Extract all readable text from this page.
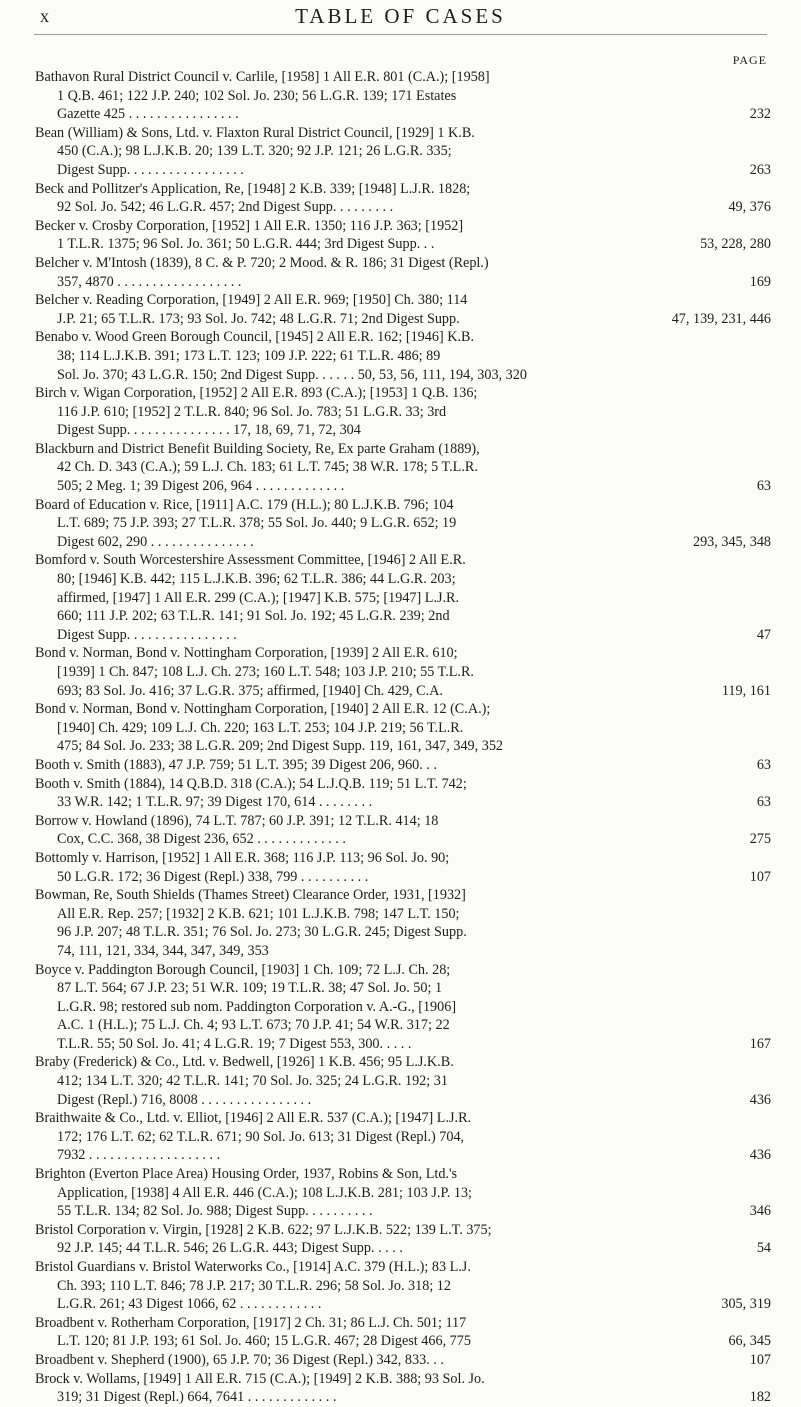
x	TABLE OF CASES
PAGE
Bathavon Rural District Council v. Carlile, [1958] 1 All E.R. 801 (C.A.); [1958]
1 Q.B. 461; 122 J.P. 240; 102 Sol. Jo. 230; 56 L.G.R. 139; 171 Estates
Gazette 425 . . . . . . . . . . . . . . . .	232
Bean (William) & Sons, Ltd. v. Flaxton Rural District Council, [1929] 1 K.B.
450 (C.A.); 98 L.J.K.B. 20; 139 L.T. 320; 92 J.P. 121; 26 L.G.R. 335;
Digest Supp. . . . . . . . . . . . . . . . .	263
Beck and Pollitzer's Application, Re, [1948] 2 K.B. 339; [1948] L.J.R. 1828;
92 Sol. Jo. 542; 46 L.G.R. 457; 2nd Digest Supp. . . . . . . . .	49, 376
Becker v. Crosby Corporation, [1952] 1 All E.R. 1350; 116 J.P. 363; [1952]
1 T.L.R. 1375; 96 Sol. Jo. 361; 50 L.G.R. 444; 3rd Digest Supp. . .	53, 228, 280
Belcher v. M'Intosh (1839), 8 C. & P. 720; 2 Mood. & R. 186; 31 Digest (Repl.)
357, 4870 . . . . . . . . . . . . . . . . . .	169
Belcher v. Reading Corporation, [1949] 2 All E.R. 969; [1950] Ch. 380; 114
J.P. 21; 65 T.L.R. 173; 93 Sol. Jo. 742; 48 L.G.R. 71; 2nd Digest Supp.	47, 139, 231, 446
Benabo v. Wood Green Borough Council, [1945] 2 All E.R. 162; [1946] K.B.
38; 114 L.J.K.B. 391; 173 L.T. 123; 109 J.P. 222; 61 T.L.R. 486; 89
Sol. Jo. 370; 43 L.G.R. 150; 2nd Digest Supp. . . . . . 50, 53, 56, 111, 194, 303, 320
Birch v. Wigan Corporation, [1952] 2 All E.R. 893 (C.A.); [1953] 1 Q.B. 136;
116 J.P. 610; [1952] 2 T.L.R. 840; 96 Sol. Jo. 783; 51 L.G.R. 33; 3rd
Digest Supp. . . . . . . . . . . . . . . 17, 18, 69, 71, 72, 304
Blackburn and District Benefit Building Society, Re, Ex parte Graham (1889),
42 Ch. D. 343 (C.A.); 59 L.J. Ch. 183; 61 L.T. 745; 38 W.R. 178; 5 T.L.R.
505; 2 Meg. 1; 39 Digest 206, 964 . . . . . . . . . . . . .	63
Board of Education v. Rice, [1911] A.C. 179 (H.L.); 80 L.J.K.B. 796; 104
L.T. 689; 75 J.P. 393; 27 T.L.R. 378; 55 Sol. Jo. 440; 9 L.G.R. 652; 19
Digest 602, 290 . . . . . . . . . . . . . . .	293, 345, 348
Bomford v. South Worcestershire Assessment Committee, [1946] 2 All E.R.
80; [1946] K.B. 442; 115 L.J.K.B. 396; 62 T.L.R. 386; 44 L.G.R. 203;
affirmed, [1947] 1 All E.R. 299 (C.A.); [1947] K.B. 575; [1947] L.J.R.
660; 111 J.P. 202; 63 T.L.R. 141; 91 Sol. Jo. 192; 45 L.G.R. 239; 2nd
Digest Supp. . . . . . . . . . . . . . . .	47
Bond v. Norman, Bond v. Nottingham Corporation, [1939] 2 All E.R. 610;
[1939] 1 Ch. 847; 108 L.J. Ch. 273; 160 L.T. 548; 103 J.P. 210; 55 T.L.R.
693; 83 Sol. Jo. 416; 37 L.G.R. 375; affirmed, [1940] Ch. 429, C.A.	119, 161
Bond v. Norman, Bond v. Nottingham Corporation, [1940] 2 All E.R. 12 (C.A.);
[1940] Ch. 429; 109 L.J. Ch. 220; 163 L.T. 253; 104 J.P. 219; 56 T.L.R.
475; 84 Sol. Jo. 233; 38 L.G.R. 209; 2nd Digest Supp. 119, 161, 347, 349, 352
Booth v. Smith (1883), 47 J.P. 759; 51 L.T. 395; 39 Digest 206, 960. . .	63
Booth v. Smith (1884), 14 Q.B.D. 318 (C.A.); 54 L.J.Q.B. 119; 51 L.T. 742;
33 W.R. 142; 1 T.L.R. 97; 39 Digest 170, 614 . . . . . . . .	63
Borrow v. Howland (1896), 74 L.T. 787; 60 J.P. 391; 12 T.L.R. 414; 18
Cox, C.C. 368, 38 Digest 236, 652 . . . . . . . . . . . . .	275
Bottomly v. Harrison, [1952] 1 All E.R. 368; 116 J.P. 113; 96 Sol. Jo. 90;
50 L.G.R. 172; 36 Digest (Repl.) 338, 799 . . . . . . . . . .	107
Bowman, Re, South Shields (Thames Street) Clearance Order, 1931, [1932]
All E.R. Rep. 257; [1932] 2 K.B. 621; 101 L.J.K.B. 798; 147 L.T. 150;
96 J.P. 207; 48 T.L.R. 351; 76 Sol. Jo. 273; 30 L.G.R. 245; Digest Supp.
74, 111, 121, 334, 344, 347, 349, 353
Boyce v. Paddington Borough Council, [1903] 1 Ch. 109; 72 L.J. Ch. 28;
87 L.T. 564; 67 J.P. 23; 51 W.R. 109; 19 T.L.R. 38; 47 Sol. Jo. 50; 1
L.G.R. 98; restored sub nom. Paddington Corporation v. A.-G., [1906]
A.C. 1 (H.L.); 75 L.J. Ch. 4; 93 L.T. 673; 70 J.P. 41; 54 W.R. 317; 22
T.L.R. 55; 50 Sol. Jo. 41; 4 L.G.R. 19; 7 Digest 553, 300. . . . .	167
Braby (Frederick) & Co., Ltd. v. Bedwell, [1926] 1 K.B. 456; 95 L.J.K.B.
412; 134 L.T. 320; 42 T.L.R. 141; 70 Sol. Jo. 325; 24 L.G.R. 192; 31
Digest (Repl.) 716, 8008 . . . . . . . . . . . . . . . .	436
Braithwaite & Co., Ltd. v. Elliot, [1946] 2 All E.R. 537 (C.A.); [1947] L.J.R.
172; 176 L.T. 62; 62 T.L.R. 671; 90 Sol. Jo. 613; 31 Digest (Repl.) 704,
7932 . . . . . . . . . . . . . . . . . . .	436
Brighton (Everton Place Area) Housing Order, 1937, Robins & Son, Ltd.'s
Application, [1938] 4 All E.R. 446 (C.A.); 108 L.J.K.B. 281; 103 J.P. 13;
55 T.L.R. 134; 82 Sol. Jo. 988; Digest Supp. . . . . . . . . .	346
Bristol Corporation v. Virgin, [1928] 2 K.B. 622; 97 L.J.K.B. 522; 139 L.T. 375;
92 J.P. 145; 44 T.L.R. 546; 26 L.G.R. 443; Digest Supp. . . . .	54
Bristol Guardians v. Bristol Waterworks Co., [1914] A.C. 379 (H.L.); 83 L.J.
Ch. 393; 110 L.T. 846; 78 J.P. 217; 30 T.L.R. 296; 58 Sol. Jo. 318; 12
L.G.R. 261; 43 Digest 1066, 62 . . . . . . . . . . . .	305, 319
Broadbent v. Rotherham Corporation, [1917] 2 Ch. 31; 86 L.J. Ch. 501; 117
L.T. 120; 81 J.P. 193; 61 Sol. Jo. 460; 15 L.G.R. 467; 28 Digest 466, 775	66, 345
Broadbent v. Shepherd (1900), 65 J.P. 70; 36 Digest (Repl.) 342, 833. . .	107
Brock v. Wollams, [1949] 1 All E.R. 715 (C.A.); [1949] 2 K.B. 388; 93 Sol. Jo.
319; 31 Digest (Repl.) 664, 7641 . . . . . . . . . . . . .	182
